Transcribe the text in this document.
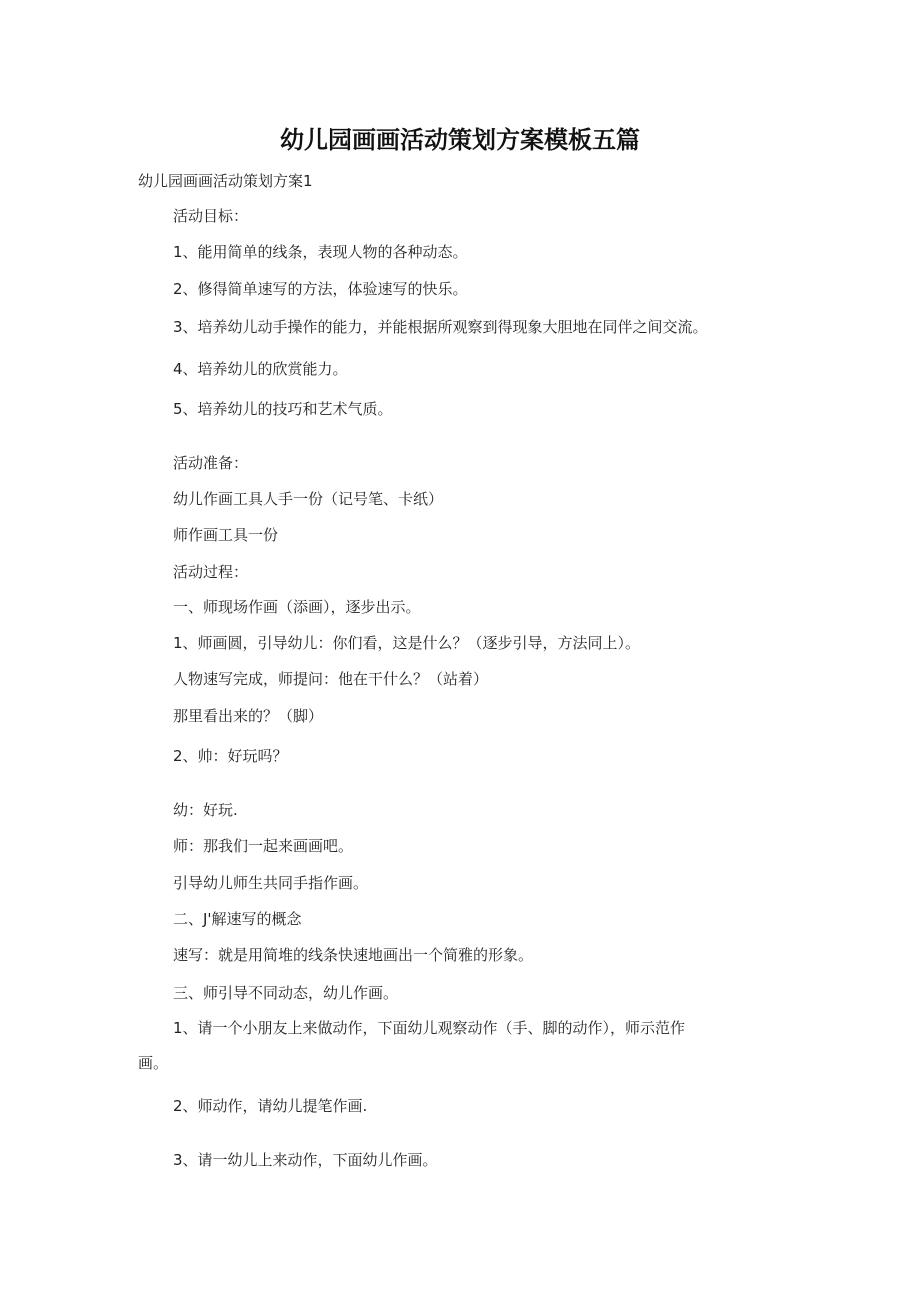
幼儿园画画活动策划方案模板五篇
幼儿园画画活动策划方案1
活动目标：
1、能用简单的线条，表现人物的各种动态。
2、修得简单速写的方法，体验速写的快乐。
3、培养幼儿动手操作的能力，并能根据所观察到得现象大胆地在同伴之间交流。
4、培养幼儿的欣赏能力。
5、培养幼儿的技巧和艺术气质。
活动准备：
幼儿作画工具人手一份（记号笔、卡纸）
师作画工具一份
活动过程：
一、师现场作画（添画），逐步出示。
1、师画圆，引导幼儿：你们看，这是什么？（逐步引导，方法同上）。
人物速写完成，师提问：他在干什么？（站着）
那里看出来的？（脚）
2、帅：好玩吗？
幼：好玩.
师：那我们一起来画画吧。
引导幼儿师生共同手指作画。
二、J'解速写的概念
速写：就是用简堆的线条快速地画出一个简雅的形象。
三、师引导不同动态，幼儿作画。
1、请一个小朋友上来做动作，下面幼儿观察动作（手、脚的动作），师示范作
画。
2、师动作，请幼儿提笔作画.
3、请一幼儿上来动作，下面幼儿作画。
